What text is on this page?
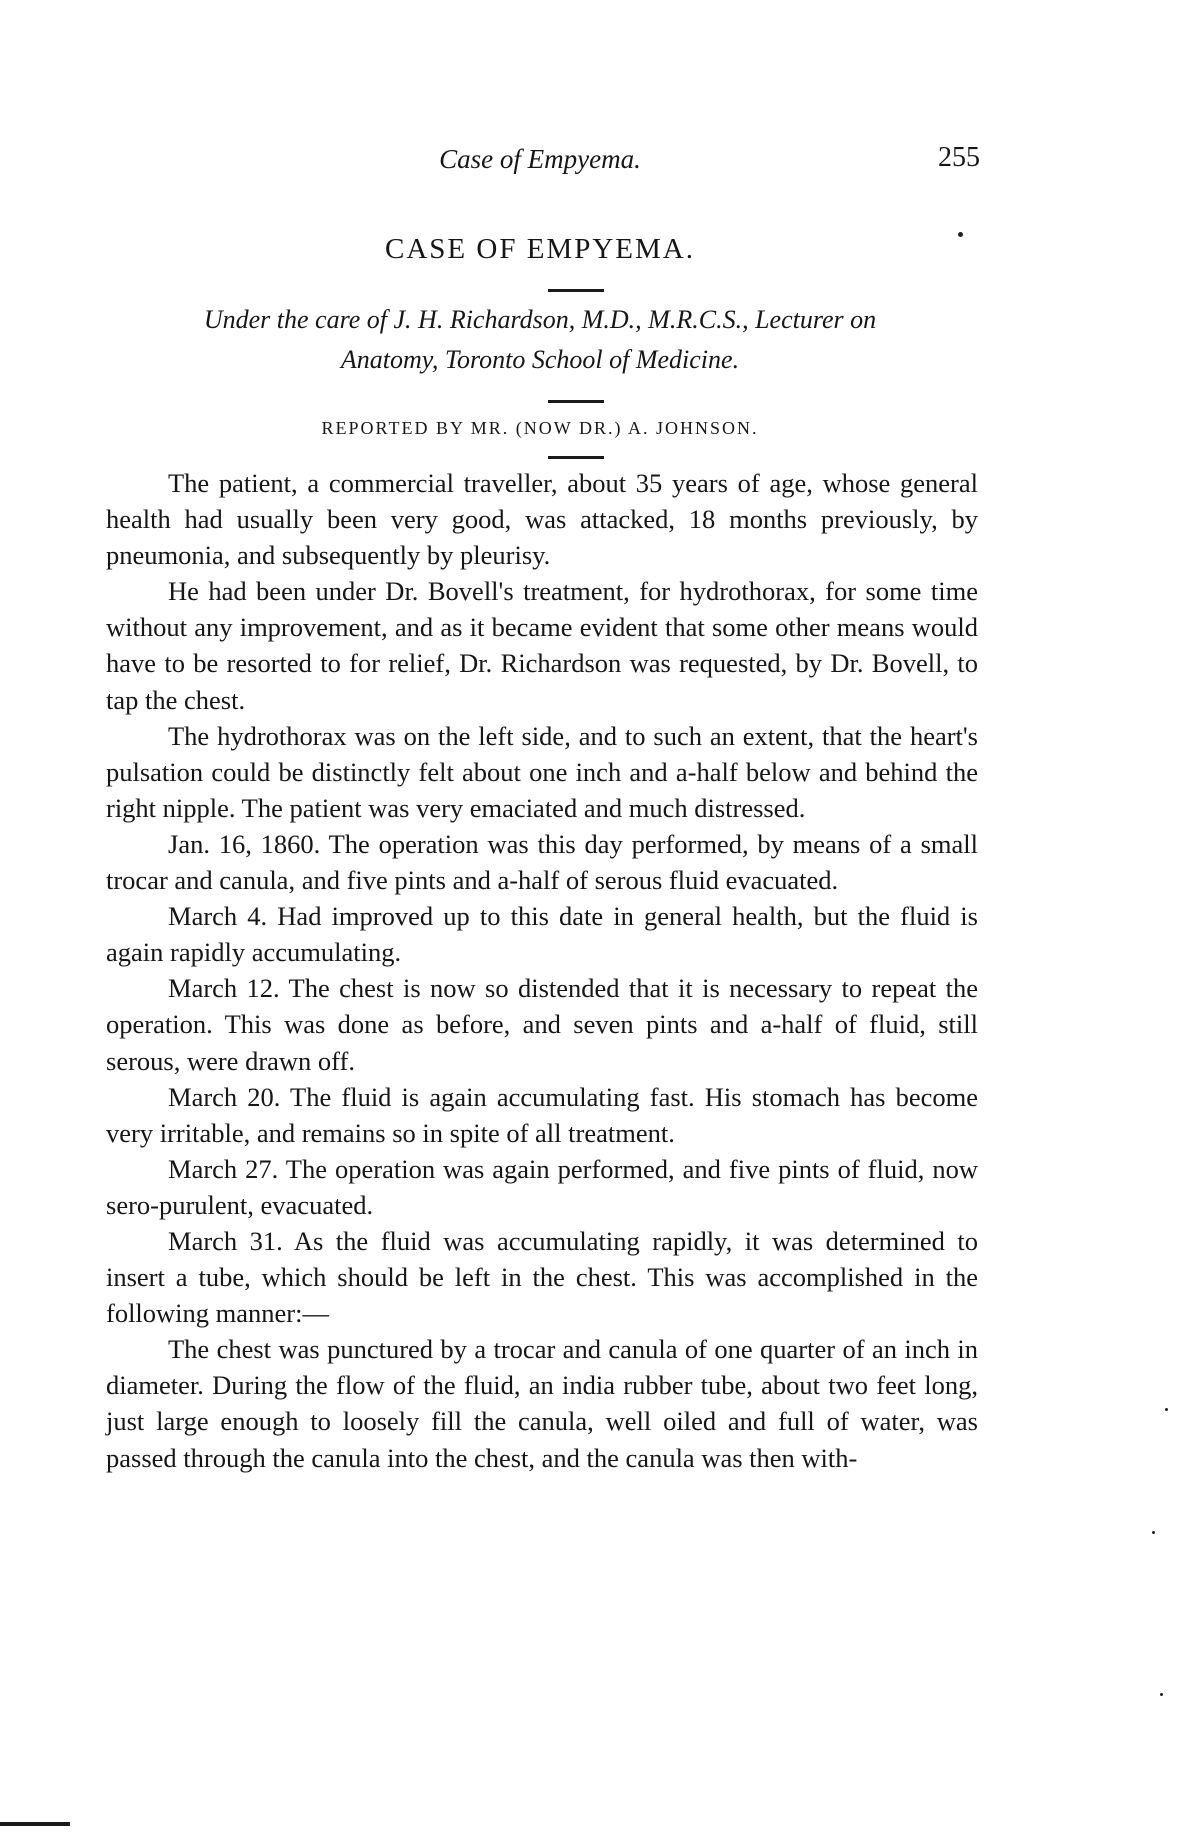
Case of Empyema.	255
CASE OF EMPYEMA.
Under the care of J. H. Richardson, M.D., M.R.C.S., Lecturer on
Anatomy, Toronto School of Medicine.
REPORTED BY MR. (NOW DR.) A. JOHNSON.

The patient, a commercial traveller, about 35 years of age, whose general health had usually been very good, was attacked, 18 months previously, by pneumonia, and subsequently by pleurisy.

He had been under Dr. Bovell's treatment, for hydrothorax, for some time without any improvement, and as it became evident that some other means would have to be resorted to for relief, Dr. Richardson was requested, by Dr. Bovell, to tap the chest.

The hydrothorax was on the left side, and to such an extent, that the heart's pulsation could be distinctly felt about one inch and a-half below and behind the right nipple. The patient was very emaciated and much distressed.

Jan. 16, 1860. The operation was this day performed, by means of a small trocar and canula, and five pints and a-half of serous fluid evacuated.

March 4. Had improved up to this date in general health, but the fluid is again rapidly accumulating.

March 12. The chest is now so distended that it is necessary to repeat the operation. This was done as before, and seven pints and a-half of fluid, still serous, were drawn off.

March 20. The fluid is again accumulating fast. His stomach has become very irritable, and remains so in spite of all treatment.

March 27. The operation was again performed, and five pints of fluid, now sero-purulent, evacuated.

March 31. As the fluid was accumulating rapidly, it was determined to insert a tube, which should be left in the chest. This was accomplished in the following manner:—

The chest was punctured by a trocar and canula of one quarter of an inch in diameter. During the flow of the fluid, an india rubber tube, about two feet long, just large enough to loosely fill the canula, well oiled and full of water, was passed through the canula into the chest, and the canula was then with-
